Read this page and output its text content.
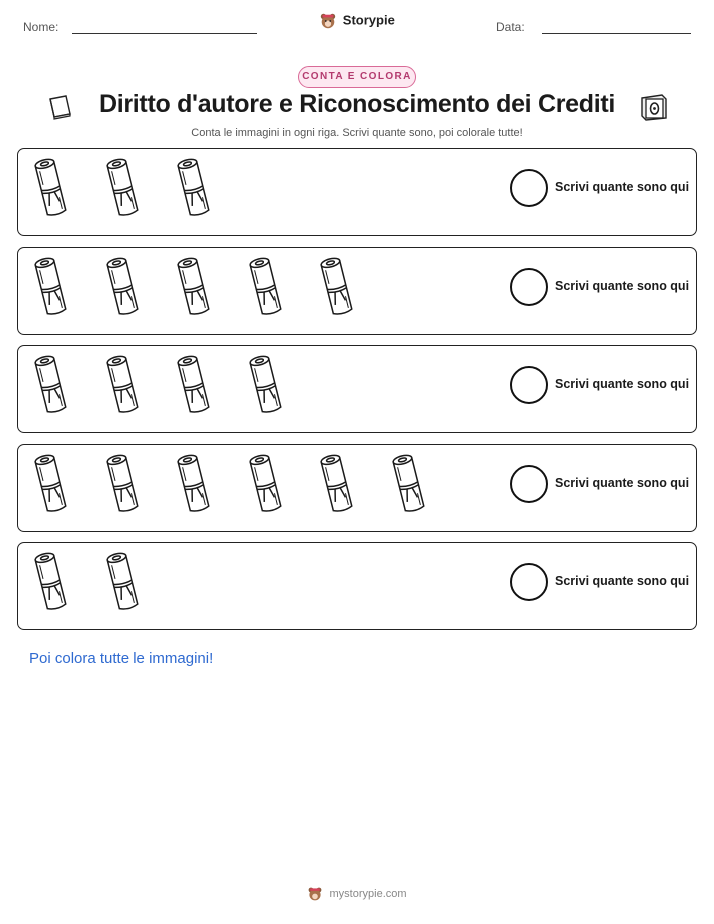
Nome:	Storypie	Data:
CONTA E COLORA
Diritto d'autore e Riconoscimento dei Crediti
Conta le immagini in ogni riga. Scrivi quante sono, poi colorale tutte!
Scrivi quante sono qui
Scrivi quante sono qui
Scrivi quante sono qui
Scrivi quante sono qui
Scrivi quante sono qui
Poi colora tutte le immagini!
mystorypie.com
